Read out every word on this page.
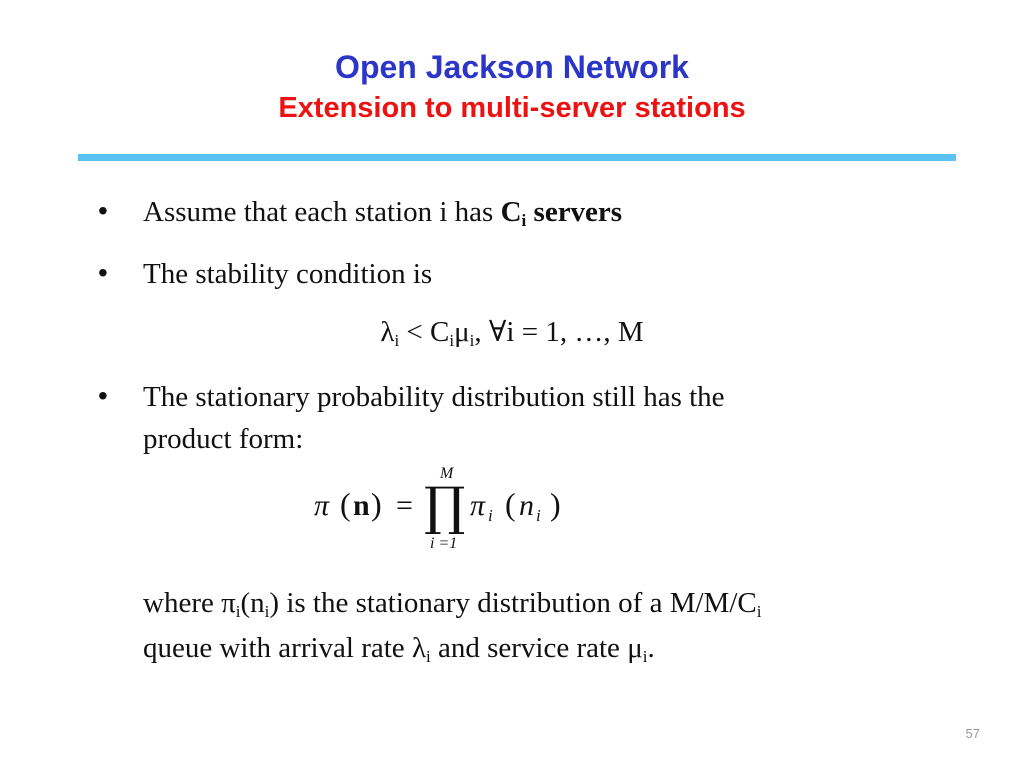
Open Jackson Network
Extension to multi-server stations
• Assume that each station i has $C_i$ servers
• The stability condition is
$\lambda_i < C_i\mu_i$, ∀i = 1, …, M
• The stationary probability distribution still has the
product form:
π ( n ) = ∏
M
i =1
π i ( n i )
where $\pi_i(n_i)$ is the stationary distribution of a $M/M/C_i$
queue with arrival rate $\lambda_i$ and service rate $\mu_i$.
57
